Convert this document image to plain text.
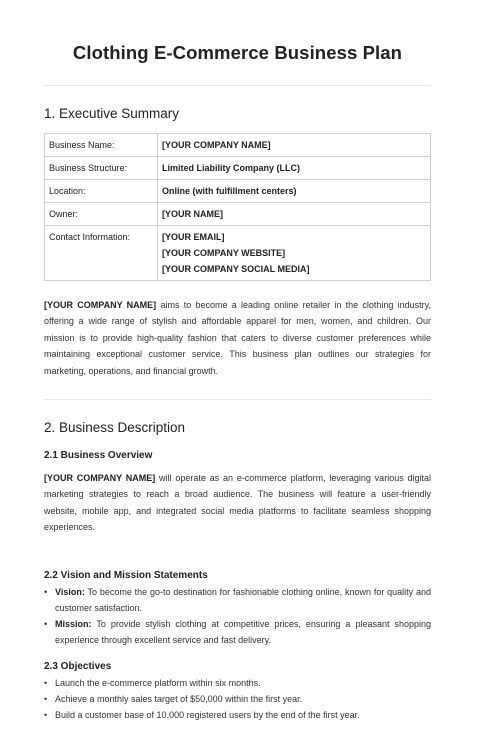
Clothing E-Commerce Business Plan
1. Executive Summary
Business Name:	[YOUR COMPANY NAME]
Business Structure:	Limited Liability Company (LLC)
Location:	Online (with fulfillment centers)
Owner:	[YOUR NAME]
Contact Information:	[YOUR EMAIL]
[YOUR COMPANY WEBSITE]
[YOUR COMPANY SOCIAL MEDIA]
[YOUR COMPANY NAME] aims to become a leading online retailer in the clothing industry, offering a wide range of stylish and affordable apparel for men, women, and children. Our mission is to provide high-quality fashion that caters to diverse customer preferences while maintaining exceptional customer service. This business plan outlines our strategies for marketing, operations, and financial growth.
2. Business Description
2.1 Business Overview
[YOUR COMPANY NAME] will operate as an e-commerce platform, leveraging various digital marketing strategies to reach a broad audience. The business will feature a user-friendly website, mobile app, and integrated social media platforms to facilitate seamless shopping experiences.
2.2 Vision and Mission Statements
• Vision: To become the go-to destination for fashionable clothing online, known for quality and customer satisfaction.
• Mission: To provide stylish clothing at competitive prices, ensuring a pleasant shopping experience through excellent service and fast delivery.
2.3 Objectives
• Launch the e-commerce platform within six months.
• Achieve a monthly sales target of $50,000 within the first year.
• Build a customer base of 10,000 registered users by the end of the first year.
